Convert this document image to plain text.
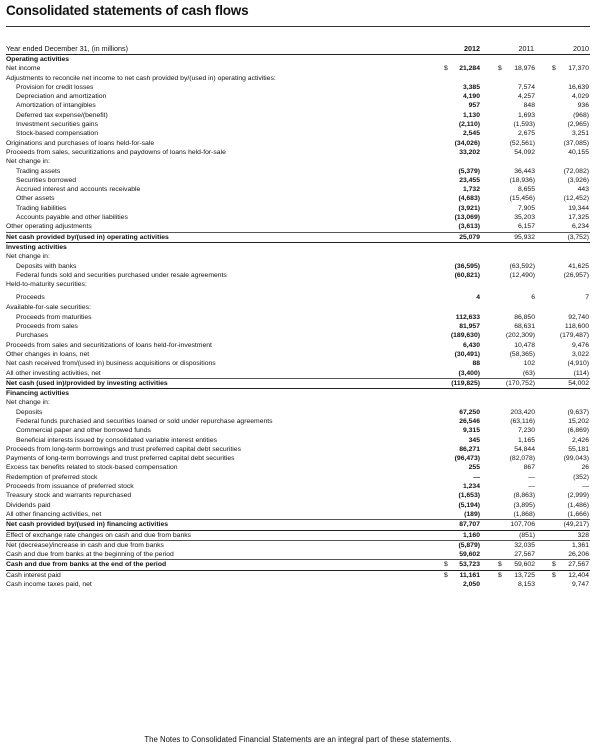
Consolidated statements of cash flows
Year ended December 31, (in millions)	2012	2011	2010
Operating activities
Net income	$	21,284	$	18,976	$	17,370
Adjustments to reconcile net income to net cash provided by/(used in) operating activities:
Provision for credit losses	3,385	7,574	16,639
Depreciation and amortization	4,190	4,257	4,029
Amortization of intangibles	957	848	936
Deferred tax expense/(benefit)	1,130	1,693	(968)
Investment securities gains	(2,110)	(1,593)	(2,965)
Stock-based compensation	2,545	2,675	3,251
Originations and purchases of loans held-for-sale	(34,026)	(52,561)	(37,085)
Proceeds from sales, securitizations and paydowns of loans held-for-sale	33,202	54,092	40,155
Net change in:
Trading assets	(5,379)	36,443	(72,082)
Securities borrowed	23,455	(18,936)	(3,926)
Accrued interest and accounts receivable	1,732	8,655	443
Other assets	(4,683)	(15,456)	(12,452)
Trading liabilities	(3,921)	7,905	19,344
Accounts payable and other liabilities	(13,069)	35,203	17,325
Other operating adjustments	(3,613)	6,157	6,234
Net cash provided by/(used in) operating activities	25,079	95,932	(3,752)
Investing activities
Net change in:
Deposits with banks	(36,595)	(63,592)	41,625
Federal funds sold and securities purchased under resale agreements	(60,821)	(12,490)	(26,957)
Held-to-maturity securities:
Proceeds	4	6	7
Available-for-sale securities:
Proceeds from maturities	112,633	86,850	92,740
Proceeds from sales	81,957	68,631	118,600
Purchases	(189,630)	(202,309)	(179,487)
Proceeds from sales and securitizations of loans held-for-investment	6,430	10,478	9,476
Other changes in loans, net	(30,491)	(58,365)	3,022
Net cash received from/(used in) business acquisitions or dispositions	88	102	(4,910)
All other investing activities, net	(3,400)	(63)	(114)
Net cash (used in)/provided by investing activities	(119,825)	(170,752)	54,002
Financing activities
Net change in:
Deposits	67,250	203,420	(9,637)
Federal funds purchased and securities loaned or sold under repurchase agreements	26,546	(63,116)	15,202
Commercial paper and other borrowed funds	9,315	7,230	(6,869)
Beneficial interests issued by consolidated variable interest entities	345	1,165	2,426
Proceeds from long-term borrowings and trust preferred capital debt securities	86,271	54,844	55,181
Payments of long-term borrowings and trust preferred capital debt securities	(96,473)	(82,078)	(99,043)
Excess tax benefits related to stock-based compensation	255	867	26
Redemption of preferred stock	—	—	(352)
Proceeds from issuance of preferred stock	1,234	—	—
Treasury stock and warrants repurchased	(1,653)	(8,863)	(2,999)
Dividends paid	(5,194)	(3,895)	(1,486)
All other financing activities, net	(189)	(1,868)	(1,666)
Net cash provided by/(used in) financing activities	87,707	107,706	(49,217)
Effect of exchange rate changes on cash and due from banks	1,160	(851)	328
Net (decrease)/increase in cash and due from banks	(5,879)	32,035	1,361
Cash and due from banks at the beginning of the period	59,602	27,567	26,206
Cash and due from banks at the end of the period	$	53,723	$	59,602	$	27,567
Cash interest paid	$	11,161	$	13,725	$	12,404
Cash income taxes paid, net	2,050	8,153	9,747
The Notes to Consolidated Financial Statements are an integral part of these statements.
